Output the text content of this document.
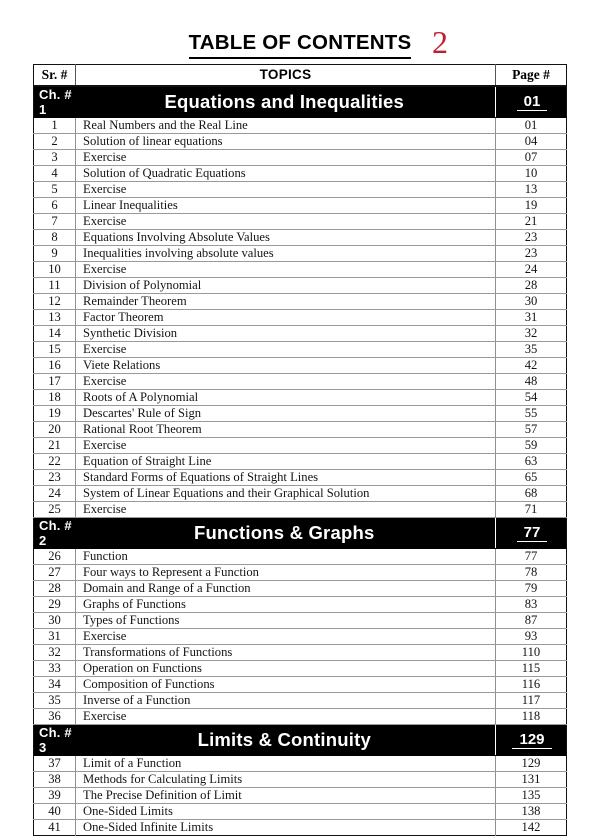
TABLE OF CONTENTS 2
Sr. #	TOPICS	Page #
Ch. # 1	Equations and Inequalities	01
1	Real Numbers and the Real Line	01
2	Solution of linear equations	04
3	Exercise	07
4	Solution of Quadratic Equations	10
5	Exercise	13
6	Linear Inequalities	19
7	Exercise	21
8	Equations Involving Absolute Values	23
9	Inequalities involving absolute values	23
10	Exercise	24
11	Division of Polynomial	28
12	Remainder Theorem	30
13	Factor Theorem	31
14	Synthetic Division	32
15	Exercise	35
16	Viete Relations	42
17	Exercise	48
18	Roots of A Polynomial	54
19	Descartes' Rule of Sign	55
20	Rational Root Theorem	57
21	Exercise	59
22	Equation of Straight Line	63
23	Standard Forms of Equations of Straight Lines	65
24	System of Linear Equations and their Graphical Solution	68
25	Exercise	71
Ch. # 2	Functions & Graphs	77
26	Function	77
27	Four ways to Represent a Function	78
28	Domain and Range of a Function	79
29	Graphs of Functions	83
30	Types of Functions	87
31	Exercise	93
32	Transformations of Functions	110
33	Operation on Functions	115
34	Composition of Functions	116
35	Inverse of a Function	117
36	Exercise	118
Ch. # 3	Limits & Continuity	129
37	Limit of a Function	129
38	Methods for Calculating Limits	131
39	The Precise Definition of Limit	135
40	One-Sided Limits	138
41	One-Sided Infinite Limits	142
